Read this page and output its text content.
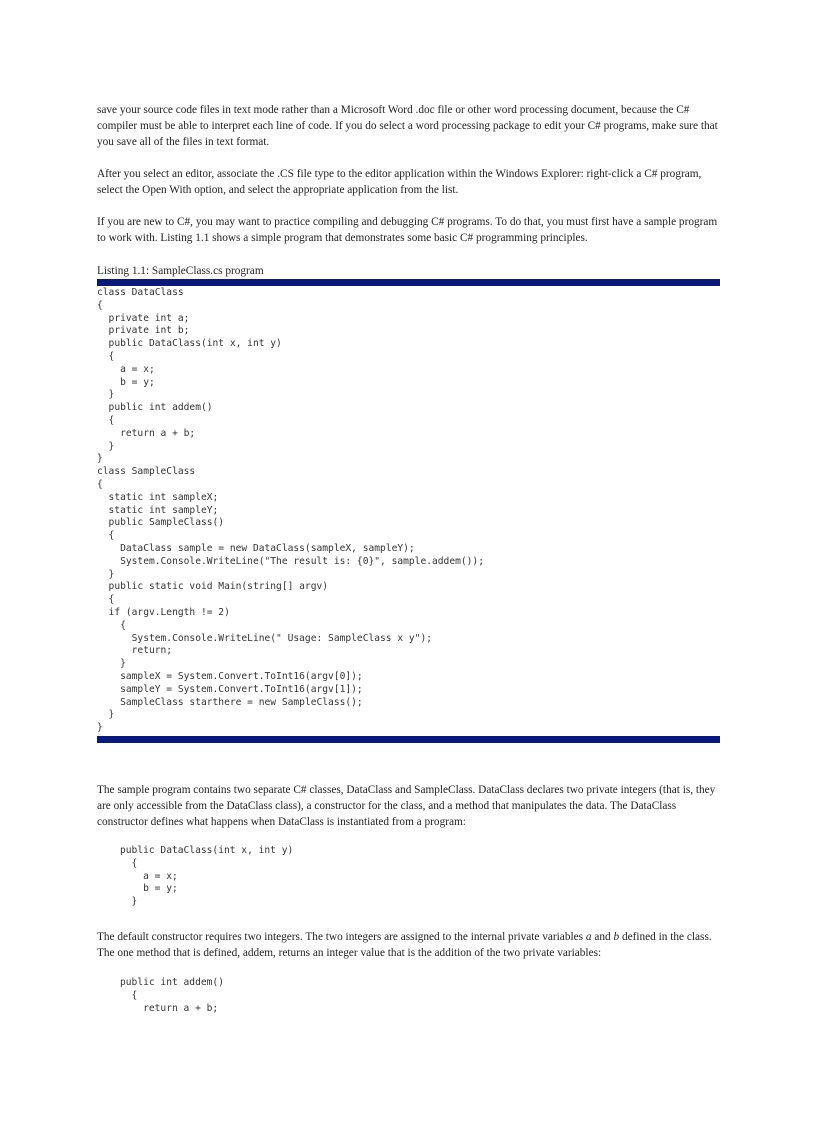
save your source code files in text mode rather than a Microsoft Word .doc file or other word processing document, because the C# compiler must be able to interpret each line of code. If you do select a word processing package to edit your C# programs, make sure that you save all of the files in text format.

After you select an editor, associate the .CS file type to the editor application within the Windows Explorer: right-click a C# program, select the Open With option, and select the appropriate application from the list.

If you are new to C#, you may want to practice compiling and debugging C# programs. To do that, you must first have a sample program to work with. Listing 1.1 shows a simple program that demonstrates some basic C# programming principles.

Listing 1.1: SampleClass.cs program

class DataClass
{
private int a;
private int b;
public DataClass(int x, int y)
{
a = x;
b = y;
}
public int addem()
{
return a + b;
}
}
class SampleClass
{
static int sampleX;
static int sampleY;
public SampleClass()
{
DataClass sample = new DataClass(sampleX, sampleY);
System.Console.WriteLine("The result is: {0}", sample.addem());
}
public static void Main(string[] argv)
{
if (argv.Length != 2)
{
System.Console.WriteLine(" Usage: SampleClass x y");
return;
}
sampleX = System.Convert.ToInt16(argv[0]);
sampleY = System.Convert.ToInt16(argv[1]);
SampleClass starthere = new SampleClass();
}
}

The sample program contains two separate C# classes, DataClass and SampleClass. DataClass declares two private integers (that is, they are only accessible from the DataClass class), a constructor for the class, and a method that manipulates the data. The DataClass constructor defines what happens when DataClass is instantiated from a program:

public DataClass(int x, int y)
{
a = x;
b = y;
}

The default constructor requires two integers. The two integers are assigned to the internal private variables a and b defined in the class. The one method that is defined, addem, returns an integer value that is the addition of the two private variables:

public int addem()
{
return a + b;
